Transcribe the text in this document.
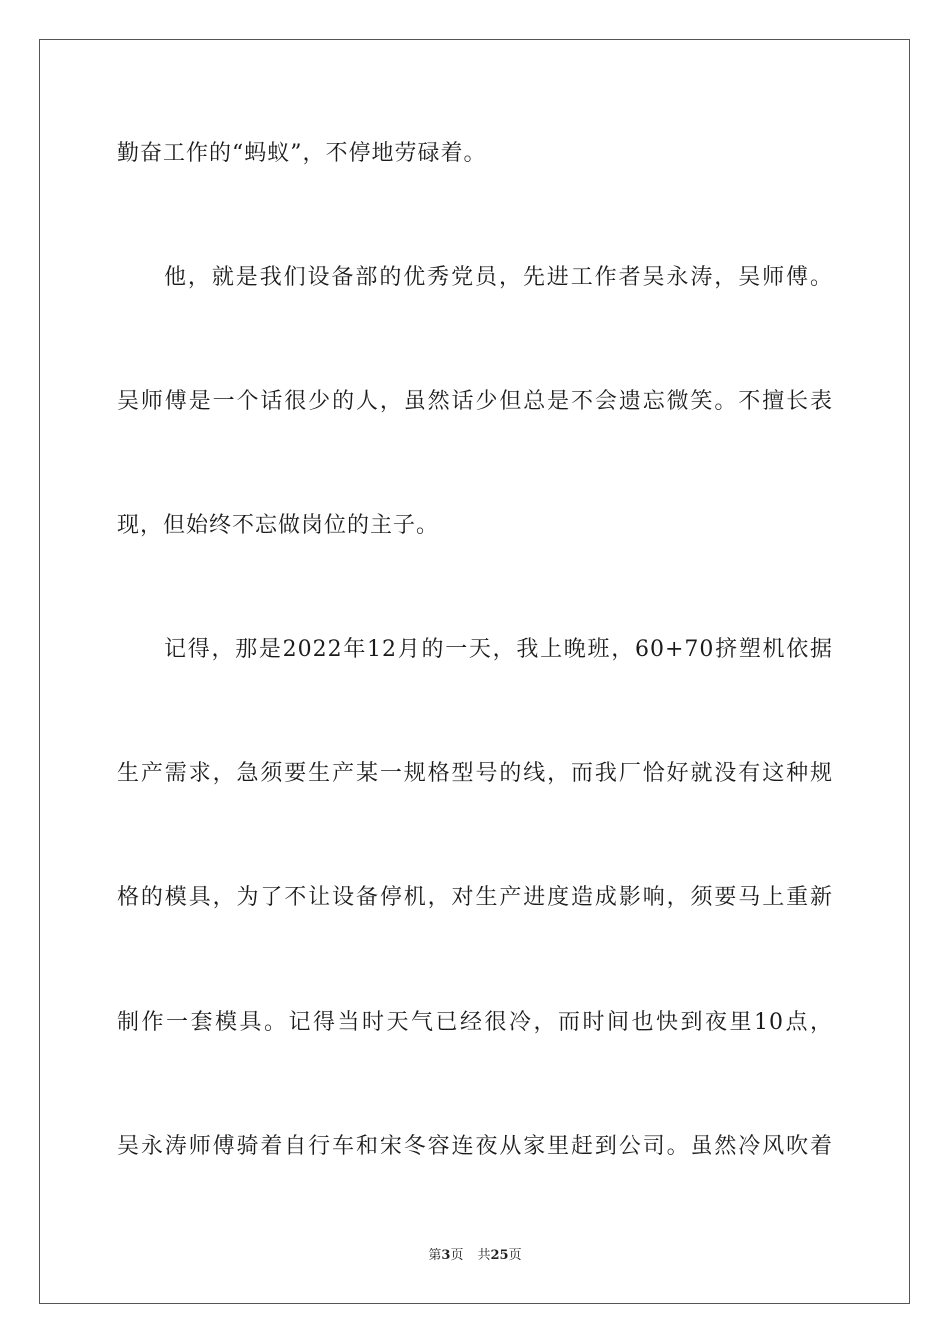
勤奋工作的“蚂蚁”，不停地劳碌着。
他，就是我们设备部的优秀党员，先进工作者吴永涛，吴师傅。
吴师傅是一个话很少的人，虽然话少但总是不会遗忘微笑。不擅长表
现，但始终不忘做岗位的主子。
记得，那是2022年12月的一天，我上晚班，60+70挤塑机依据
生产需求，急须要生产某一规格型号的线，而我厂恰好就没有这种规
格的模具，为了不让设备停机，对生产进度造成影响，须要马上重新
制作一套模具。记得当时天气已经很冷，而时间也快到夜里10点，
吴永涛师傅骑着自行车和宋冬容连夜从家里赶到公司。虽然冷风吹着
第3页 共25页
